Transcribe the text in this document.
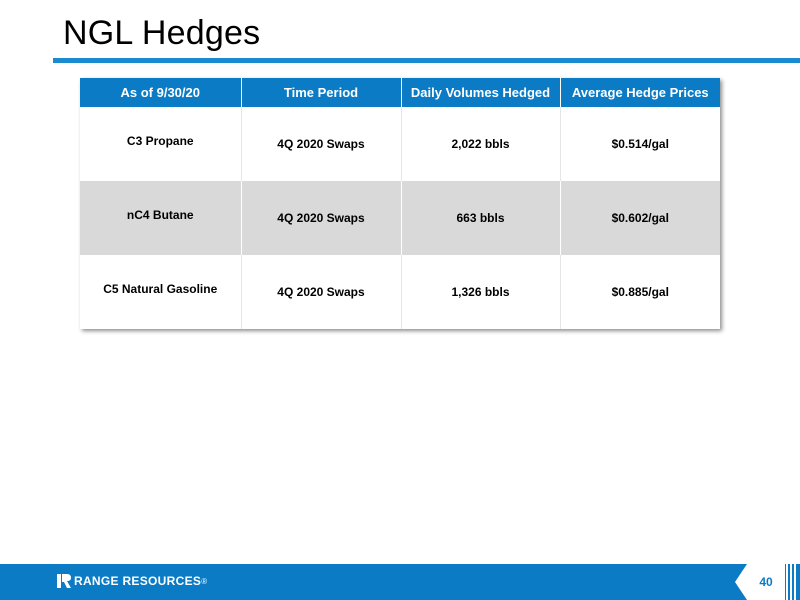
NGL Hedges
As of 9/30/20	Time Period	Daily Volumes Hedged	Average Hedge Prices
C3 Propane	4Q 2020 Swaps	2,022 bbls	$0.514/gal
nC4 Butane	4Q 2020 Swaps	663 bbls	$0.602/gal
C5 Natural Gasoline	4Q 2020 Swaps	1,326 bbls	$0.885/gal
RANGE RESOURCES ®	40
